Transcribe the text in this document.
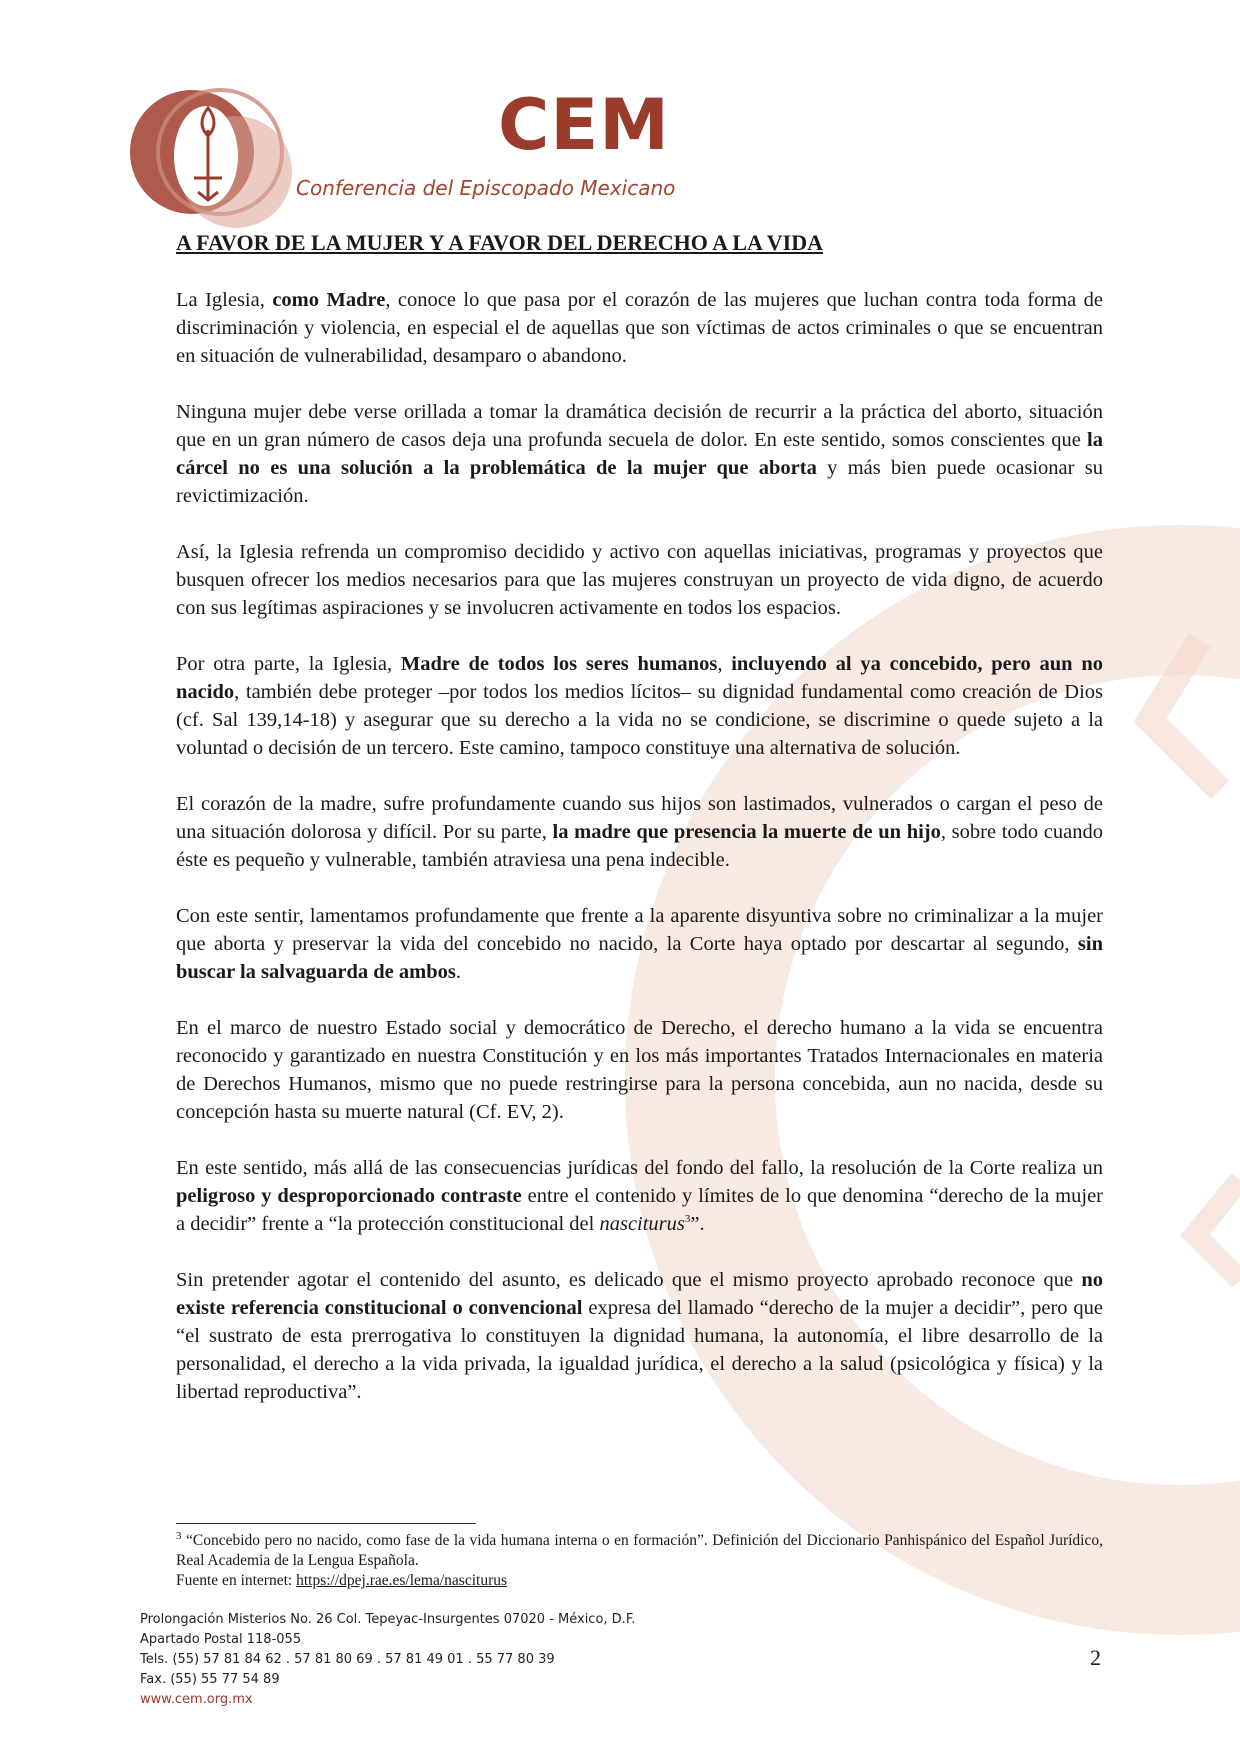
CEM
Conferencia del Episcopado Mexicano
A FAVOR DE LA MUJER Y A FAVOR DEL DERECHO A LA VIDA

La Iglesia, como Madre, conoce lo que pasa por el corazón de las mujeres que luchan contra toda forma de discriminación y violencia, en especial el de aquellas que son víctimas de actos criminales o que se encuentran en situación de vulnerabilidad, desamparo o abandono.

Ninguna mujer debe verse orillada a tomar la dramática decisión de recurrir a la práctica del aborto, situación que en un gran número de casos deja una profunda secuela de dolor. En este sentido, somos conscientes que la cárcel no es una solución a la problemática de la mujer que aborta y más bien puede ocasionar su revictimización.

Así, la Iglesia refrenda un compromiso decidido y activo con aquellas iniciativas, programas y proyectos que busquen ofrecer los medios necesarios para que las mujeres construyan un proyecto de vida digno, de acuerdo con sus legítimas aspiraciones y se involucren activamente en todos los espacios.

Por otra parte, la Iglesia, Madre de todos los seres humanos, incluyendo al ya concebido, pero aun no nacido, también debe proteger –por todos los medios lícitos– su dignidad fundamental como creación de Dios (cf. Sal 139,14-18) y asegurar que su derecho a la vida no se condicione, se discrimine o quede sujeto a la voluntad o decisión de un tercero. Este camino, tampoco constituye una alternativa de solución.

El corazón de la madre, sufre profundamente cuando sus hijos son lastimados, vulnerados o cargan el peso de una situación dolorosa y difícil. Por su parte, la madre que presencia la muerte de un hijo, sobre todo cuando éste es pequeño y vulnerable, también atraviesa una pena indecible.

Con este sentir, lamentamos profundamente que frente a la aparente disyuntiva sobre no criminalizar a la mujer que aborta y preservar la vida del concebido no nacido, la Corte haya optado por descartar al segundo, sin buscar la salvaguarda de ambos.

En el marco de nuestro Estado social y democrático de Derecho, el derecho humano a la vida se encuentra reconocido y garantizado en nuestra Constitución y en los más importantes Tratados Internacionales en materia de Derechos Humanos, mismo que no puede restringirse para la persona concebida, aun no nacida, desde su concepción hasta su muerte natural (Cf. EV, 2).

En este sentido, más allá de las consecuencias jurídicas del fondo del fallo, la resolución de la Corte realiza un peligroso y desproporcionado contraste entre el contenido y límites de lo que denomina “derecho de la mujer a decidir” frente a “la protección constitucional del nasciturus$^3$”.

Sin pretender agotar el contenido del asunto, es delicado que el mismo proyecto aprobado reconoce que no existe referencia constitucional o convencional expresa del llamado “derecho de la mujer a decidir”, pero que “el sustrato de esta prerrogativa lo constituyen la dignidad humana, la autonomía, el libre desarrollo de la personalidad, el derecho a la vida privada, la igualdad jurídica, el derecho a la salud (psicológica y física) y la libertad reproductiva”.

$^3$ “Concebido pero no nacido, como fase de la vida humana interna o en formación”. Definición del Diccionario Panhispánico del Español Jurídico, Real Academia de la Lengua Española.
Fuente en internet: https://dpej.rae.es/lema/nasciturus
Prolongación Misterios No. 26 Col. Tepeyac-Insurgentes 07020 - México, D.F.
Apartado Postal 118-055
Tels. (55) 57 81 84 62 . 57 81 80 69 . 57 81 49 01 . 55 77 80 39
Fax. (55) 55 77 54 89
www.cem.org.mx
2
